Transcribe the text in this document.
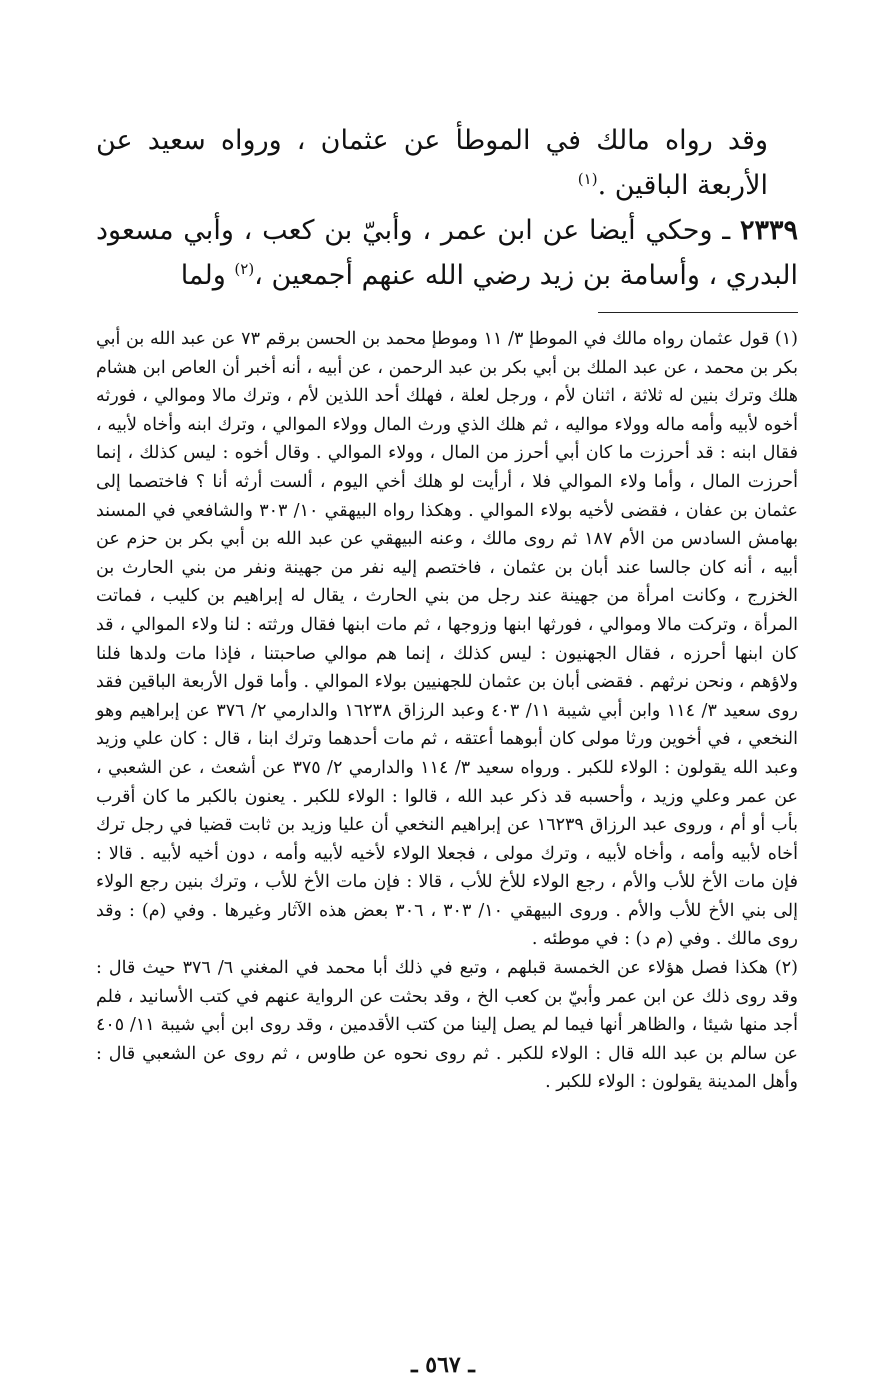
وقد رواه مالك في الموطأ عن عثمان ، ورواه سعيد عن الأربعة الباقين .$^{(١)}$

٢٣٣٩ ـ وحكي أيضا عن ابن عمر ، وأبيّ بن كعب ، وأبي مسعود البدري ، وأسامة بن زيد رضي الله عنهم أجمعين ،$^{(٢)}$ ولما

(١) قول عثمان رواه مالك في الموطإ ٣/ ١١ وموطإ محمد بن الحسن برقم ٧٣ عن عبد الله بن أبي بكر بن محمد ، عن عبد الملك بن أبي بكر بن عبد الرحمن ، عن أبيه ، أنه أخبر أن العاص ابن هشام هلك وترك بنين له ثلاثة ، اثنان لأم ، ورجل لعلة ، فهلك أحد اللذين لأم ، وترك مالا وموالي ، فورثه أخوه لأبيه وأمه ماله وولاء مواليه ، ثم هلك الذي ورث المال وولاء الموالي ، وترك ابنه وأخاه لأبيه ، فقال ابنه : قد أحرزت ما كان أبي أحرز من المال ، وولاء الموالي . وقال أخوه : ليس كذلك ، إنما أحرزت المال ، وأما ولاء الموالي فلا ، أرأيت لو هلك أخي اليوم ، ألست أرثه أنا ؟ فاختصما إلى عثمان بن عفان ، فقضى لأخيه بولاء الموالي . وهكذا رواه البيهقي ١٠/ ٣٠٣ والشافعي في المسند بهامش السادس من الأم ١٨٧ ثم روى مالك ، وعنه البيهقي عن عبد الله بن أبي بكر بن حزم عن أبيه ، أنه كان جالسا عند أبان بن عثمان ، فاختصم إليه نفر من جهينة ونفر من بني الحارث بن الخزرج ، وكانت امرأة من جهينة عند رجل من بني الحارث ، يقال له إبراهيم بن كليب ، فماتت المرأة ، وتركت مالا وموالي ، فورثها ابنها وزوجها ، ثم مات ابنها فقال ورثته : لنا ولاء الموالي ، قد كان ابنها أحرزه ، فقال الجهنيون : ليس كذلك ، إنما هم موالي صاحبتنا ، فإذا مات ولدها فلنا ولاؤهم ، ونحن نرثهم . فقضى أبان بن عثمان للجهنيين بولاء الموالي . وأما قول الأربعة الباقين فقد روى سعيد ٣/ ١١٤ وابن أبي شيبة ١١/ ٤٠٣ وعبد الرزاق ١٦٢٣٨ والدارمي ٢/ ٣٧٦ عن إبراهيم وهو النخعي ، في أخوين ورثا مولى كان أبوهما أعتقه ، ثم مات أحدهما وترك ابنا ، قال : كان علي وزيد وعبد الله يقولون : الولاء للكبر . ورواه سعيد ٣/ ١١٤ والدارمي ٢/ ٣٧٥ عن أشعث ، عن الشعبي ، عن عمر وعلي وزيد ، وأحسبه قد ذكر عبد الله ، قالوا : الولاء للكبر . يعنون بالكبر ما كان أقرب بأب أو أم ، وروى عبد الرزاق ١٦٢٣٩ عن إبراهيم النخعي أن عليا وزيد بن ثابت قضيا في رجل ترك أخاه لأبيه وأمه ، وأخاه لأبيه ، وترك مولى ، فجعلا الولاء لأخيه لأبيه وأمه ، دون أخيه لأبيه . قالا : فإن مات الأخ للأب والأم ، رجع الولاء للأخ للأب ، قالا : فإن مات الأخ للأب ، وترك بنين رجع الولاء إلى بني الأخ للأب والأم . وروى البيهقي ١٠/ ٣٠٣ ، ٣٠٦ بعض هذه الآثار وغيرها . وفي (م) : وقد روى مالك . وفي (م د) : في موطئه .

(٢) هكذا فصل هؤلاء عن الخمسة قبلهم ، وتبع في ذلك أبا محمد في المغني ٦/ ٣٧٦ حيث قال : وقد روى ذلك عن ابن عمر وأبيّ بن كعب الخ ، وقد بحثت عن الرواية عنهم في كتب الأسانيد ، فلم أجد منها شيئا ، والظاهر أنها فيما لم يصل إلينا من كتب الأقدمين ، وقد روى ابن أبي شيبة ١١/ ٤٠٥ عن سالم بن عبد الله قال : الولاء للكبر . ثم روى نحوه عن طاوس ، ثم روى عن الشعبي قال : وأهل المدينة يقولون : الولاء للكبر .

ـ ٥٦٧ ـ
